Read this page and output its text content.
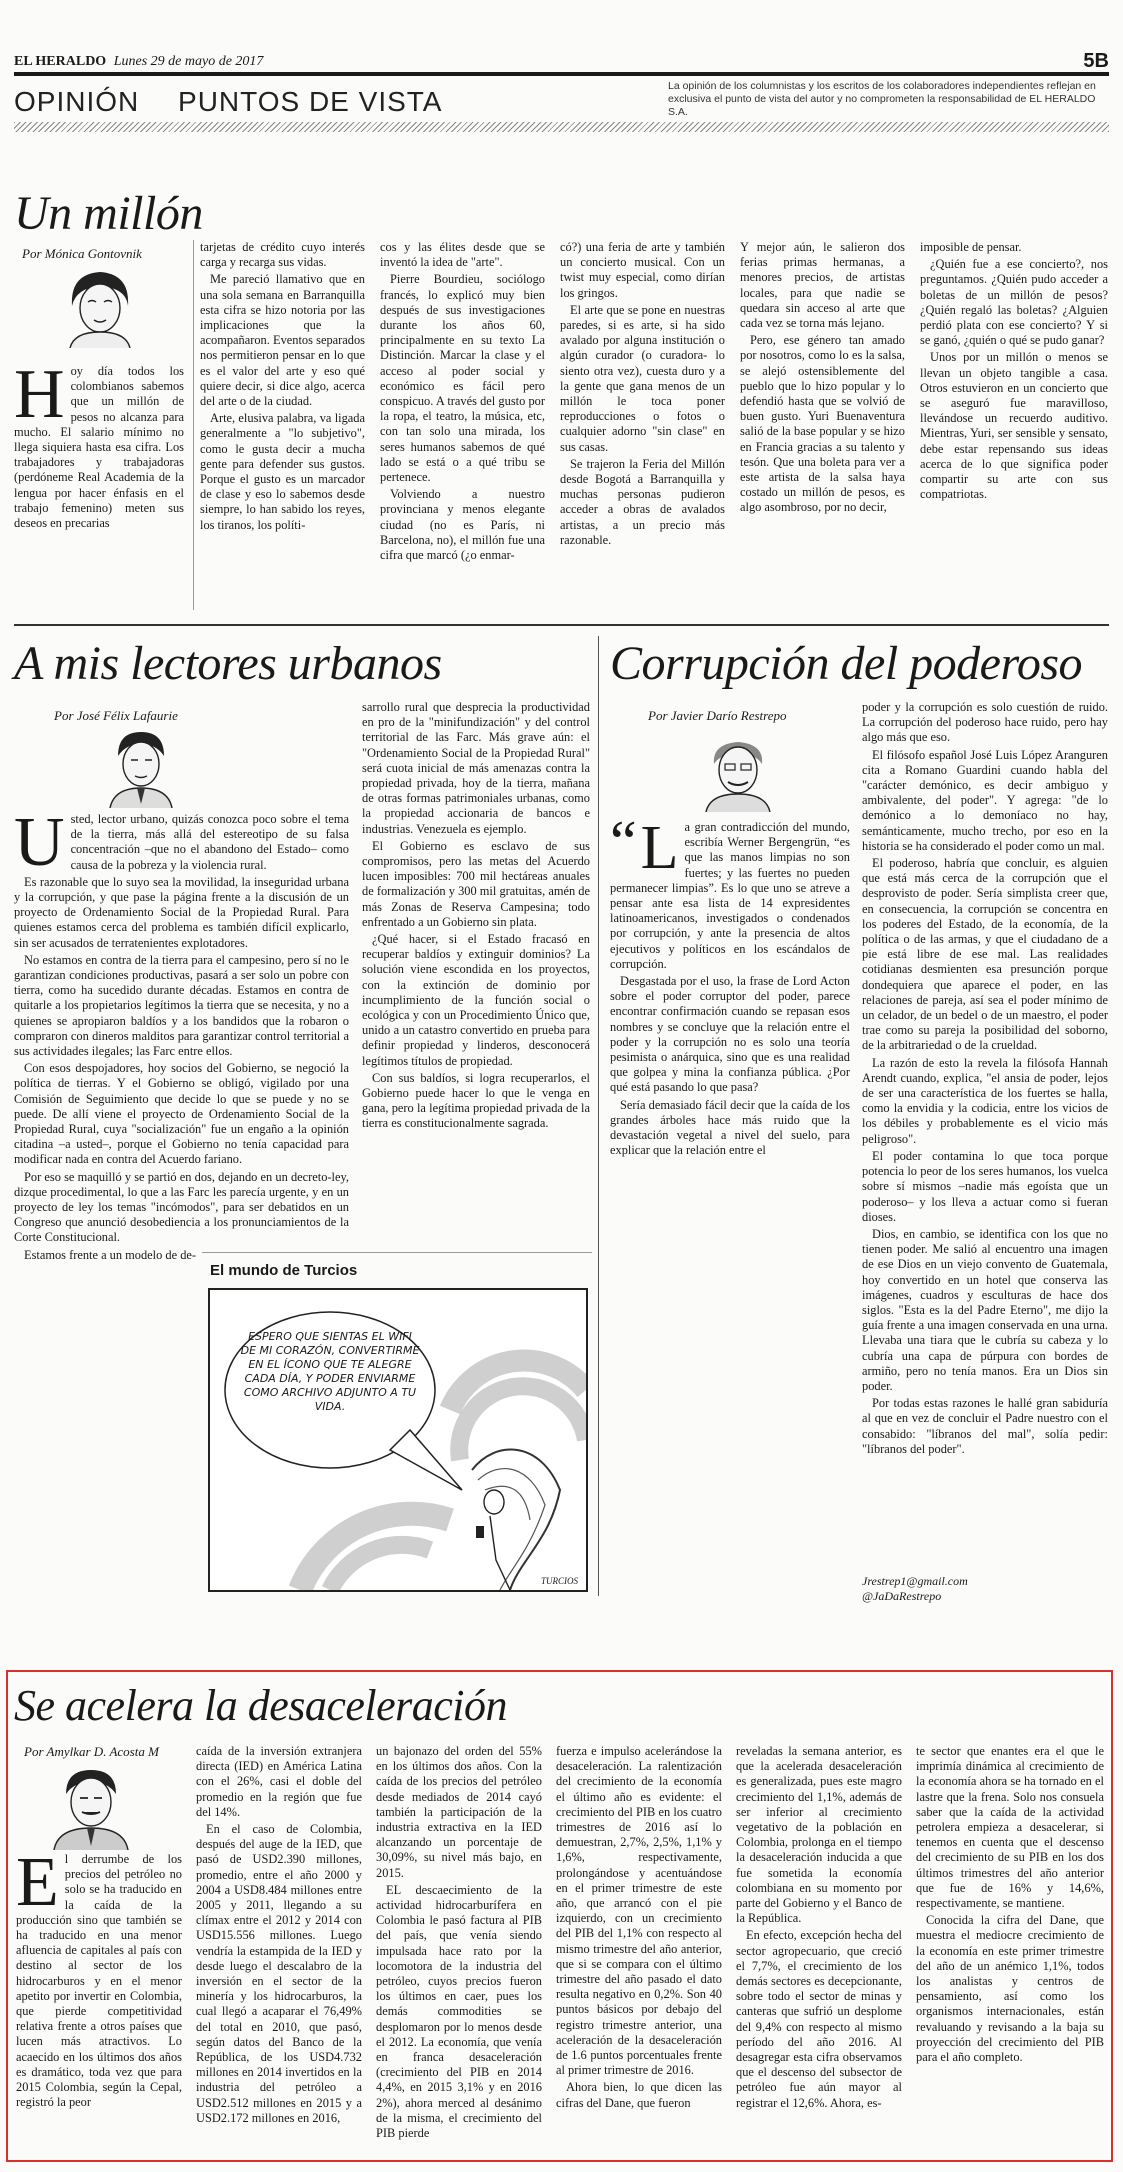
EL HERALDO Lunes 29 de mayo de 2017	5B
OPINIÓN PUNTOS DE VISTA	La opinión de los columnistas y los escritos de los colaboradores independientes reflejan en exclusiva el punto de vista del autor y no comprometen la responsabilidad de EL HERALDO S.A.
Un millón
Por Mónica Gontovnik
H oy día todos los colombianos sabemos que un millón de pesos no alcanza para mucho. El salario mínimo no llega siquiera hasta esa cifra. Los trabajadores y trabajadoras (perdóneme Real Academia de la lengua por hacer énfasis en el trabajo femenino) meten sus deseos en precarias

tarjetas de crédito cuyo interés carga y recarga sus vidas.

Me pareció llamativo que en una sola semana en Barranquilla esta cifra se hizo notoria por las implicaciones que la acompañaron. Eventos separados nos permitieron pensar en lo que es el valor del arte y eso qué quiere decir, si dice algo, acerca del arte o de la ciudad.

Arte, elusiva palabra, va ligada generalmente a "lo subjetivo", como le gusta decir a mucha gente para defender sus gustos. Porque el gusto es un marcador de clase y eso lo sabemos desde siempre, lo han sabido los reyes, los tiranos, los políti-

cos y las élites desde que se inventó la idea de "arte".

Pierre Bourdieu, sociólogo francés, lo explicó muy bien después de sus investigaciones durante los años 60, principalmente en su texto La Distinción. Marcar la clase y el acceso al poder social y económico es fácil pero conspicuo. A través del gusto por la ropa, el teatro, la música, etc, con tan solo una mirada, los seres humanos sabemos de qué lado se está o a qué tribu se pertenece.

Volviendo a nuestro provinciana y menos elegante ciudad (no es París, ni Barcelona, no), el millón fue una cifra que marcó (¿o enmar-

có?) una feria de arte y también un concierto musical. Con un twist muy especial, como dirían los gringos.

El arte que se pone en nuestras paredes, si es arte, si ha sido avalado por alguna institución o algún curador (o curadora- lo siento otra vez), cuesta duro y a la gente que gana menos de un millón le toca poner reproducciones o fotos o cualquier adorno "sin clase" en sus casas.

Se trajeron la Feria del Millón desde Bogotá a Barranquilla y muchas personas pudieron acceder a obras de avalados artistas, a un precio más razonable.

Y mejor aún, le salieron dos ferias primas hermanas, a menores precios, de artistas locales, para que nadie se quedara sin acceso al arte que cada vez se torna más lejano.

Pero, ese género tan amado por nosotros, como lo es la salsa, se alejó ostensiblemente del pueblo que lo hizo popular y lo defendió hasta que se volvió de buen gusto. Yuri Buenaventura salió de la base popular y se hizo en Francia gracias a su talento y tesón. Que una boleta para ver a este artista de la salsa haya costado un millón de pesos, es algo asombroso, por no decir,

imposible de pensar.

¿Quién fue a ese concierto?, nos preguntamos. ¿Quién pudo acceder a boletas de un millón de pesos? ¿Quién regaló las boletas? ¿Alguien perdió plata con ese concierto? Y si se ganó, ¿quién o qué se pudo ganar?

Unos por un millón o menos se llevan un objeto tangible a casa. Otros estuvieron en un concierto que se aseguró fue maravilloso, llevándose un recuerdo auditivo. Mientras, Yuri, ser sensible y sensato, debe estar repensando sus ideas acerca de lo que significa poder compartir su arte con sus compatriotas.

A mis lectores urbanos
Por José Félix Lafaurie
U sted, lector urbano, quizás conozca poco sobre el tema de la tierra, más allá del estereotipo de su falsa concentración –que no el abandono del Estado– como causa de la pobreza y la violencia rural.

Es razonable que lo suyo sea la movilidad, la inseguridad urbana y la corrupción, y que pase la página frente a la discusión de un proyecto de Ordenamiento Social de la Propiedad Rural. Para quienes estamos cerca del problema es también difícil explicarlo, sin ser acusados de terratenientes explotadores.

No estamos en contra de la tierra para el campesino, pero sí no le garantizan condiciones productivas, pasará a ser solo un pobre con tierra, como ha sucedido durante décadas. Estamos en contra de quitarle a los propietarios legítimos la tierra que se necesita, y no a quienes se apropiaron baldíos y a los bandidos que la robaron o compraron con dineros malditos para garantizar control territorial a sus actividades ilegales; las Farc entre ellos.

Con esos despojadores, hoy socios del Gobierno, se negoció la política de tierras. Y el Gobierno se obligó, vigilado por una Comisión de Seguimiento que decide lo que se puede y no se puede. De allí viene el proyecto de Ordenamiento Social de la Propiedad Rural, cuya "socialización" fue un engaño a la opinión citadina –a usted–, porque el Gobierno no tenía capacidad para modificar nada en contra del Acuerdo fariano.

Por eso se maquilló y se partió en dos, dejando en un decreto-ley, dizque procedimental, lo que a las Farc les parecía urgente, y en un proyecto de ley los temas "incómodos", para ser debatidos en un Congreso que anunció desobediencia a los pronunciamientos de la Corte Constitucional.

Estamos frente a un modelo de de-

sarrollo rural que desprecia la productividad en pro de la "minifundización" y del control territorial de las Farc. Más grave aún: el "Ordenamiento Social de la Propiedad Rural" será cuota inicial de más amenazas contra la propiedad privada, hoy de la tierra, mañana de otras formas patrimoniales urbanas, como la propiedad accionaria de bancos e industrias. Venezuela es ejemplo.

El Gobierno es esclavo de sus compromisos, pero las metas del Acuerdo lucen imposibles: 700 mil hectáreas anuales de formalización y 300 mil gratuitas, amén de más Zonas de Reserva Campesina; todo enfrentado a un Gobierno sin plata.

¿Qué hacer, si el Estado fracasó en recuperar baldíos y extinguir dominios? La solución viene escondida en los proyectos, con la extinción de dominio por incumplimiento de la función social o ecológica y con un Procedimiento Único que, unido a un catastro convertido en prueba para definir propiedad y linderos, desconocerá legítimos títulos de propiedad.

Con sus baldíos, si logra recuperarlos, el Gobierno puede hacer lo que le venga en gana, pero la legítima propiedad privada de la tierra es constitucionalmente sagrada.

El mundo de Turcios
ESPERO QUE SIENTAS EL WIFI DE MI CORAZÓN, CONVERTIRME EN EL ÍCONO QUE TE ALEGRE CADA DÍA, Y PODER ENVIARME COMO ARCHIVO ADJUNTO A TU VIDA.
TURCIOS
Corrupción del poderoso
Por Javier Darío Restrepo
“ L a gran contradicción del mundo, escribía Werner Bergengrün, “es que las manos limpias no son fuertes; y las fuertes no pueden permanecer limpias”. Es lo que uno se atreve a pensar ante esa lista de 14 expresidentes latinoamericanos, investigados o condenados por corrupción, y ante la presencia de altos ejecutivos y políticos en los escándalos de corrupción.

Desgastada por el uso, la frase de Lord Acton sobre el poder corruptor del poder, parece encontrar confirmación cuando se repasan esos nombres y se concluye que la relación entre el poder y la corrupción no es solo una teoría pesimista o anárquica, sino que es una realidad que golpea y mina la confianza pública. ¿Por qué está pasando lo que pasa?

Sería demasiado fácil decir que la caída de los grandes árboles hace más ruido que la devastación vegetal a nivel del suelo, para explicar que la relación entre el

poder y la corrupción es solo cuestión de ruido. La corrupción del poderoso hace ruido, pero hay algo más que eso.

El filósofo español José Luis López Aranguren cita a Romano Guardini cuando habla del "carácter demónico, es decir ambiguo y ambivalente, del poder". Y agrega: "de lo demónico a lo demoníaco no hay, semánticamente, mucho trecho, por eso en la historia se ha considerado el poder como un mal.

El poderoso, habría que concluir, es alguien que está más cerca de la corrupción que el desprovisto de poder. Sería simplista creer que, en consecuencia, la corrupción se concentra en los poderes del Estado, de la economía, de la política o de las armas, y que el ciudadano de a pie está libre de ese mal. Las realidades cotidianas desmienten esa presunción porque dondequiera que aparece el poder, en las relaciones de pareja, así sea el poder mínimo de un celador, de un bedel o de un maestro, el poder trae como su pareja la posibilidad del soborno, de la arbitrariedad o de la crueldad.

La razón de esto la revela la filósofa Hannah Arendt cuando, explica, "el ansia de poder, lejos de ser una característica de los fuertes se halla, como la envidia y la codicia, entre los vicios de los débiles y probablemente es el vicio más peligroso".

El poder contamina lo que toca porque potencia lo peor de los seres humanos, los vuelca sobre sí mismos –nadie más egoísta que un poderoso– y los lleva a actuar como si fueran dioses.

Dios, en cambio, se identifica con los que no tienen poder. Me salió al encuentro una imagen de ese Dios en un viejo convento de Guatemala, hoy convertido en un hotel que conserva las imágenes, cuadros y esculturas de hace dos siglos. "Esta es la del Padre Eterno", me dijo la guía frente a una imagen conservada en una urna. Llevaba una tiara que le cubría su cabeza y lo cubría una capa de púrpura con bordes de armiño, pero no tenía manos. Era un Dios sin poder.

Por todas estas razones le hallé gran sabiduría al que en vez de concluir el Padre nuestro con el consabido: "líbranos del mal", solía pedir: "líbranos del poder".

Jrestrep1@gmail.com
@JaDaRestrepo
Se acelera la desaceleración
Por Amylkar D. Acosta M
E l derrumbe de los precios del petróleo no solo se ha traducido en la caída de la producción sino que también se ha traducido en una menor afluencia de capitales al país con destino al sector de los hidrocarburos y en el menor apetito por invertir en Colombia, que pierde competitividad relativa frente a otros países que lucen más atractivos. Lo acaecido en los últimos dos años es dramático, toda vez que para 2015 Colombia, según la Cepal, registró la peor

caída de la inversión extranjera directa (IED) en América Latina con el 26%, casi el doble del promedio en la región que fue del 14%.

En el caso de Colombia, después del auge de la IED, que pasó de USD2.390 millones, promedio, entre el año 2000 y 2004 a USD8.484 millones entre 2005 y 2011, llegando a su clímax entre el 2012 y 2014 con USD15.556 millones. Luego vendría la estampida de la IED y desde luego el descalabro de la inversión en el sector de la minería y los hidrocarburos, la cual llegó a acaparar el 76,49% del total en 2010, que pasó, según datos del Banco de la República, de los USD4.732 millones en 2014 invertidos en la industria del petróleo a USD2.512 millones en 2015 y a USD2.172 millones en 2016,

un bajonazo del orden del 55% en los últimos dos años. Con la caída de los precios del petróleo desde mediados de 2014 cayó también la participación de la industria extractiva en la IED alcanzando un porcentaje de 30,09%, su nivel más bajo, en 2015.

EL descaecimiento de la actividad hidrocarburífera en Colombia le pasó factura al PIB del país, que venía siendo impulsada hace rato por la locomotora de la industria del petróleo, cuyos precios fueron los últimos en caer, pues los demás commodities se desplomaron por lo menos desde el 2012. La economía, que venía en franca desaceleración (crecimiento del PIB en 2014 4,4%, en 2015 3,1% y en 2016 2%), ahora merced al desánimo de la misma, el crecimiento del PIB pierde

fuerza e impulso acelerándose la desaceleración. La ralentización del crecimiento de la economía el último año es evidente: el crecimiento del PIB en los cuatro trimestres de 2016 así lo demuestran, 2,7%, 2,5%, 1,1% y 1,6%, respectivamente, prolongándose y acentuándose en el primer trimestre de este año, que arrancó con el pie izquierdo, con un crecimiento del PIB del 1,1% con respecto al mismo trimestre del año anterior, que si se compara con el último trimestre del año pasado el dato resulta negativo en 0,2%. Son 40 puntos básicos por debajo del registro trimestre anterior, una aceleración de la desaceleración de 1.6 puntos porcentuales frente al primer trimestre de 2016.

Ahora bien, lo que dicen las cifras del Dane, que fueron

reveladas la semana anterior, es que la acelerada desaceleración es generalizada, pues este magro crecimiento del 1,1%, además de ser inferior al crecimiento vegetativo de la población en Colombia, prolonga en el tiempo la desaceleración inducida a que fue sometida la economía colombiana en su momento por parte del Gobierno y el Banco de la República.

En efecto, excepción hecha del sector agropecuario, que creció el 7,7%, el crecimiento de los demás sectores es decepcionante, sobre todo el sector de minas y canteras que sufrió un desplome del 9,4% con respecto al mismo período del año 2016. Al desagregar esta cifra observamos que el descenso del subsector de petróleo fue aún mayor al registrar el 12,6%. Ahora, es-

te sector que enantes era el que le imprimía dinámica al crecimiento de la economía ahora se ha tornado en el lastre que la frena. Solo nos consuela saber que la caída de la actividad petrolera empieza a desacelerar, si tenemos en cuenta que el descenso del crecimiento de su PIB en los dos últimos trimestres del año anterior que fue de 16% y 14,6%, respectivamente, se mantiene.

Conocida la cifra del Dane, que muestra el mediocre crecimiento de la economía en este primer trimestre del año de un anémico 1,1%, todos los analistas y centros de pensamiento, así como los organismos internacionales, están revaluando y revisando a la baja su proyección del crecimiento del PIB para el año completo.
